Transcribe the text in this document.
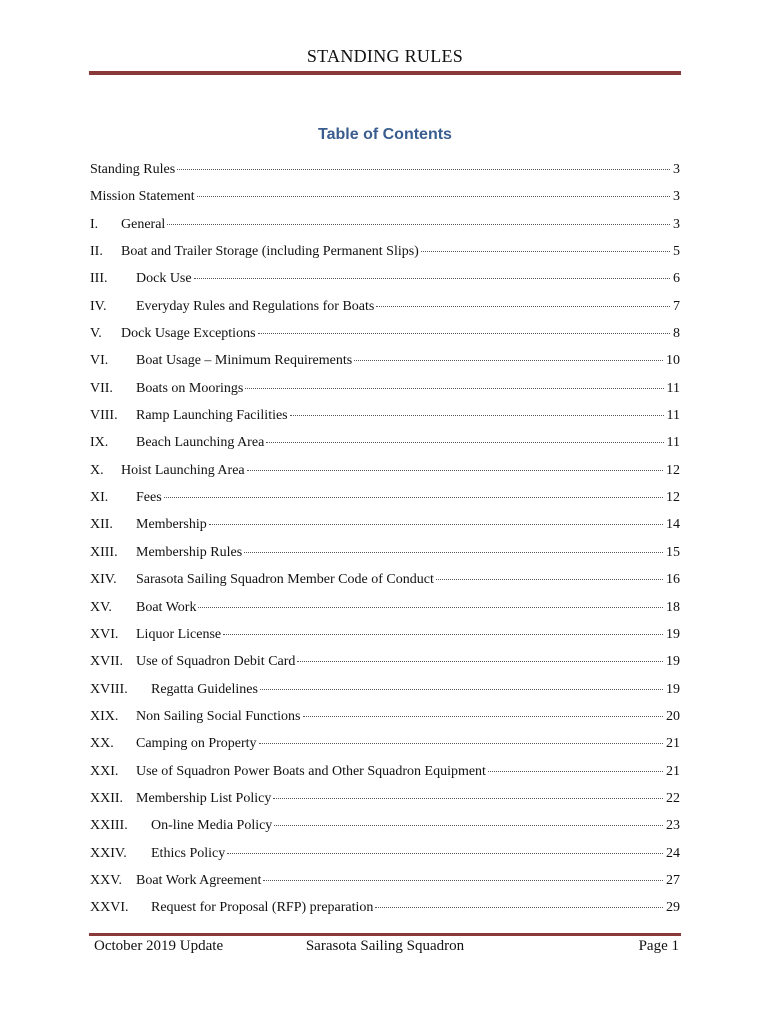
STANDING RULES
Table of Contents
Standing Rules	3
Mission Statement	3
I.	General	3
II.	Boat and Trailer Storage (including Permanent Slips)	5
III.	Dock Use	6
IV.	Everyday Rules and Regulations for Boats	7
V.	Dock Usage Exceptions	8
VI.	Boat Usage – Minimum Requirements	10
VII.	Boats on Moorings	11
VIII.	Ramp Launching Facilities	11
IX.	Beach Launching Area	11
X.	Hoist Launching Area	12
XI.	Fees	12
XII.	Membership	14
XIII.	Membership Rules	15
XIV.	Sarasota Sailing Squadron Member Code of Conduct	16
XV.	Boat Work	18
XVI.	Liquor License	19
XVII. Use of Squadron Debit Card	19
XVIII.	Regatta Guidelines	19
XIX.	Non Sailing Social Functions	20
XX.	Camping on Property	21
XXI.	Use of Squadron Power Boats and Other Squadron Equipment	21
XXII. Membership List Policy	22
XXIII.	On-line Media Policy	23
XXIV.	Ethics Policy	24
XXV. Boat Work Agreement	27
XXVI.	Request for Proposal (RFP) preparation	29
October 2019 Update	Sarasota Sailing Squadron	Page 1
